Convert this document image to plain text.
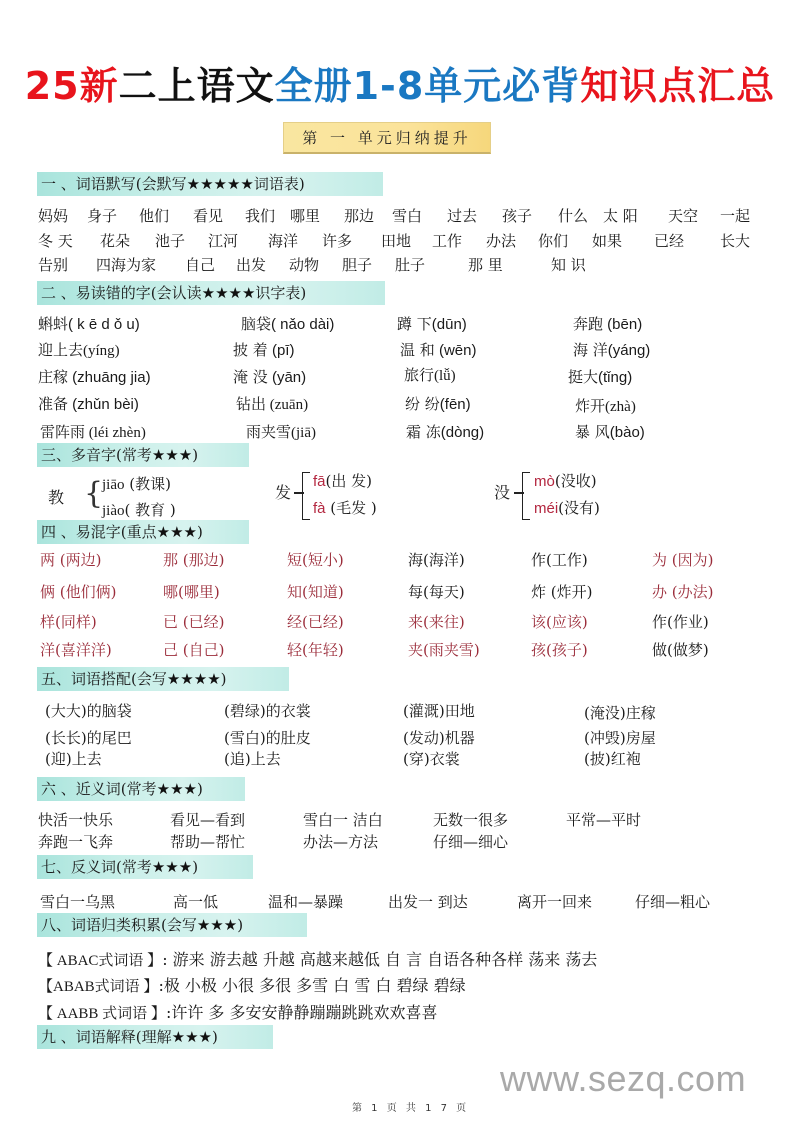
25新二上语文全册1-8单元必背知识点汇总
第 一 单元归纳提升
一 、词语默写(会默写★★★★★词语表)
妈妈 身子 他们 看见 我们 哪里 那边 雪白 过去 孩子 什么 太 阳 天空 一起
冬 天 花朵 池子 江河 海洋 许多 田地 工作 办法 你们 如果 已经 长大
告别 四海为家 自己 出发 动物 胆子 肚子	那 里	知 识
二 、易读错的字(会认读★★★★识字表)
蝌蚪( k ē d ǒ u)	脑袋( nǎo dài)	蹲 下(dūn)	奔跑 (bēn)
迎上去(yíng)	披 着 (pī)	温 和 (wēn)	海 洋(yáng)
庄稼 (zhuāng jia)	淹 没 (yān)	旅行(lǚ)	挺大(tǐng)
准备 (zhǔn bèi)	钻出 (zuān)	纷 纷(fēn)	炸开(zhà)
雷阵雨 (léi zhèn)	雨夹雪(jiā)	霜 冻(dòng)	暴 风(bào)
三、多音字(常考★★★)
教 {
jiāo (教课)
jiào( 教育 )
发
fā(出 发)
fà (毛发 )
没
mò(没收)
méi(没有)
四 、易混字(重点★★★)
两 (两边)	那 (那边)	短(短小)	海(海洋)	作(工作)	为 (因为)
俩 (他们俩)	哪(哪里)	知(知道)	每(每天)	炸 (炸开)	办 (办法)
样(同样)	已 (已经)	经(已经)	来(来往)	该(应该)	作(作业)
洋(喜洋洋)	己 (自己)	轻(年轻)	夹(雨夹雪)	孩(孩子)	做(做梦)
五、词语搭配(会写★★★★)
(大大)的脑袋	(碧绿)的衣裳	(灌溉)田地	(淹没)庄稼
(长长)的尾巴	(雪白)的肚皮	(发动)机器	(冲毁)房屋
(迎)上去	(追)上去	(穿)衣裳	(披)红袍
六 、近义词(常考★★★)
快活一快乐	看见—看到	雪白一 洁白	无数一很多	平常—平时
奔跑一飞奔	帮助—帮忙	办法—方法	仔细—细心
七、反义词(常考★★★)
雪白一乌黑	高一低	温和—暴躁	出发一 到达	离开一回来	仔细—粗心
八、词语归类积累(会写★★★)
【 ABAC式词语 】: 游来 游去越 升越 高越来越低 自 言 自语各种各样 荡来 荡去
【ABAB式词语 】:极 小极 小很 多很 多雪 白 雪 白 碧绿 碧绿
【 AABB 式词语 】:许许 多 多安安静静蹦蹦跳跳欢欢喜喜
九 、词语解释(理解★★★)
www.sezq.com
第 1 页 共 1 7 页
